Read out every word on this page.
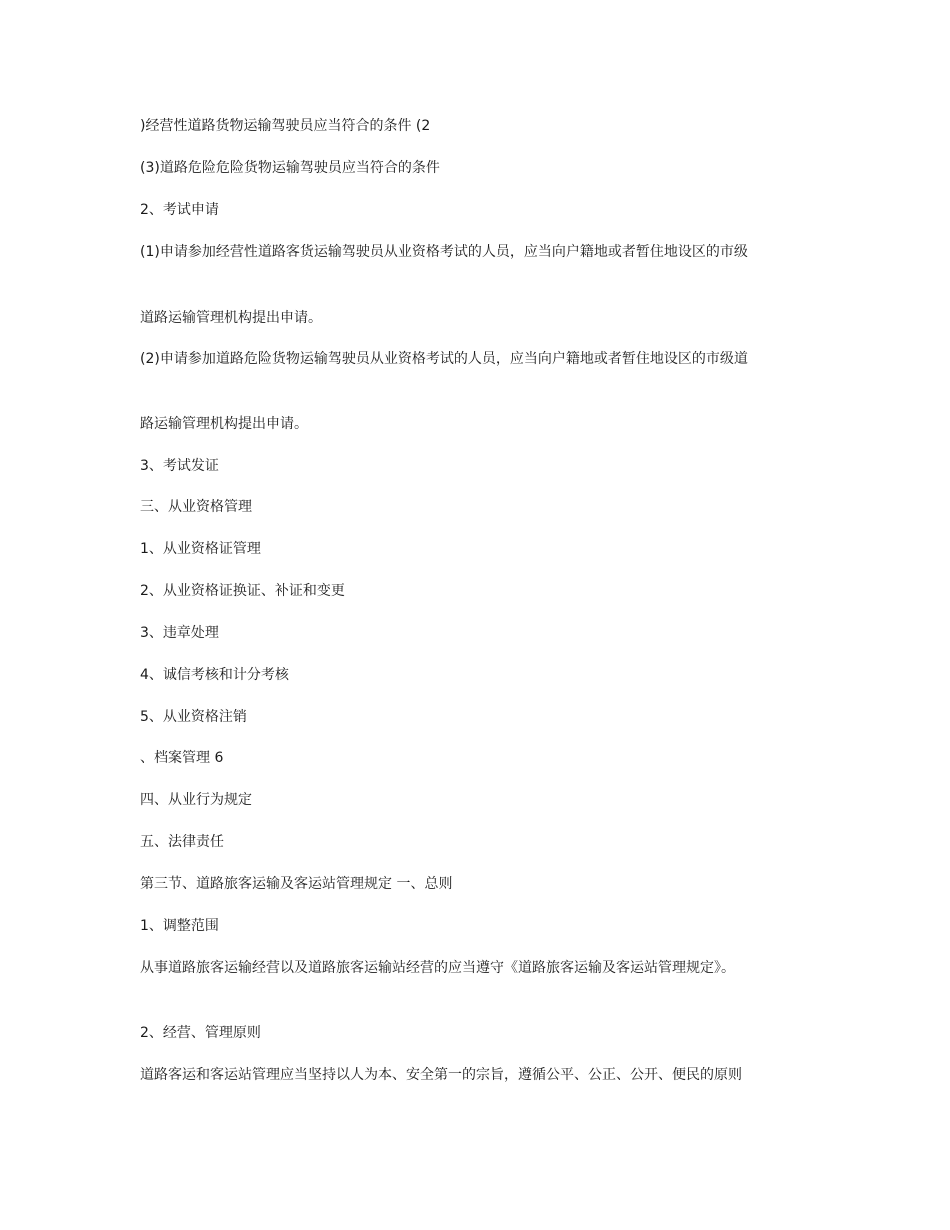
)经营性道路货物运输驾驶员应当符合的条件 (2
(3)道路危险危险货物运输驾驶员应当符合的条件
2、考试申请
(1)申请参加经营性道路客货运输驾驶员从业资格考试的人员，应当向户籍地或者暂住地设区的市级
道路运输管理机构提出申请。
(2)申请参加道路危险货物运输驾驶员从业资格考试的人员，应当向户籍地或者暂住地设区的市级道
路运输管理机构提出申请。
3、考试发证
三、从业资格管理
1、从业资格证管理
2、从业资格证换证、补证和变更
3、违章处理
4、诚信考核和计分考核
5、从业资格注销
、档案管理 6
四、从业行为规定
五、法律责任
第三节、道路旅客运输及客运站管理规定 一、总则
1、调整范围
从事道路旅客运输经营以及道路旅客运输站经营的应当遵守《道路旅客运输及客运站管理规定》。
2、经营、管理原则
道路客运和客运站管理应当坚持以人为本、安全第一的宗旨，遵循公平、公正、公开、便民的原则
